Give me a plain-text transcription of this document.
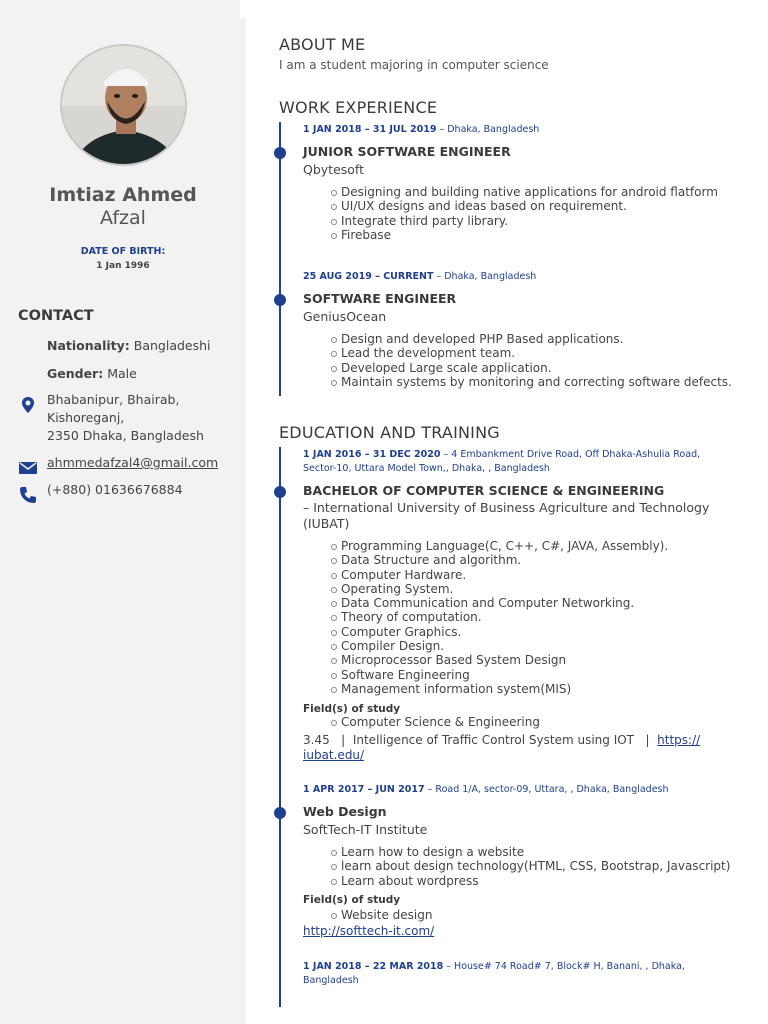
Imtiaz Ahmed
Afzal
DATE OF BIRTH:
1 Jan 1996
CONTACT
Nationality: Bangladeshi
Gender: Male
Bhabanipur, Bhairab,
Kishoreganj,
2350 Dhaka, Bangladesh
ahmmedafzal4@gmail.com
(+880) 01636676884
ABOUT ME
I am a student majoring in computer science
WORK EXPERIENCE
1 JAN 2018 – 31 JUL 2019 – Dhaka, Bangladesh
JUNIOR SOFTWARE ENGINEER
Qbytesoft
Designing and building native applications for android flatform
UI/UX designs and ideas based on requirement.
Integrate third party library.
Firebase
25 AUG 2019 – CURRENT – Dhaka, Bangladesh
SOFTWARE ENGINEER
GeniusOcean
Design and developed PHP Based applications.
Lead the development team.
Developed Large scale application.
Maintain systems by monitoring and correcting software defects.
EDUCATION AND TRAINING
1 JAN 2016 – 31 DEC 2020 – 4 Embankment Drive Road, Off Dhaka-Ashulia Road, Sector-10, Uttara Model Town,, Dhaka, , Bangladesh
BACHELOR OF COMPUTER SCIENCE & ENGINEERING
– International University of Business Agriculture and Technology (IUBAT)
Programming Language(C, C++, C#, JAVA, Assembly).
Data Structure and algorithm.
Computer Hardware.
Operating System.
Data Communication and Computer Networking.
Theory of computation.
Computer Graphics.
Compiler Design.
Microprocessor Based System Design
Software Engineering
Management information system(MIS)
Field(s) of study
Computer Science & Engineering
3.45   |  Intelligence of Traffic Control System using IOT   |  https:// iubat.edu/
1 APR 2017 – JUN 2017 – Road 1/A, sector-09, Uttara, , Dhaka, Bangladesh
Web Design
SoftTech-IT Institute
Learn how to design a website
learn about design technology(HTML, CSS, Bootstrap, Javascript)
Learn about wordpress
Field(s) of study
Website design
http://softtech-it.com/
1 JAN 2018 – 22 MAR 2018 – House# 74 Road# 7, Block# H, Banani, , Dhaka, Bangladesh
